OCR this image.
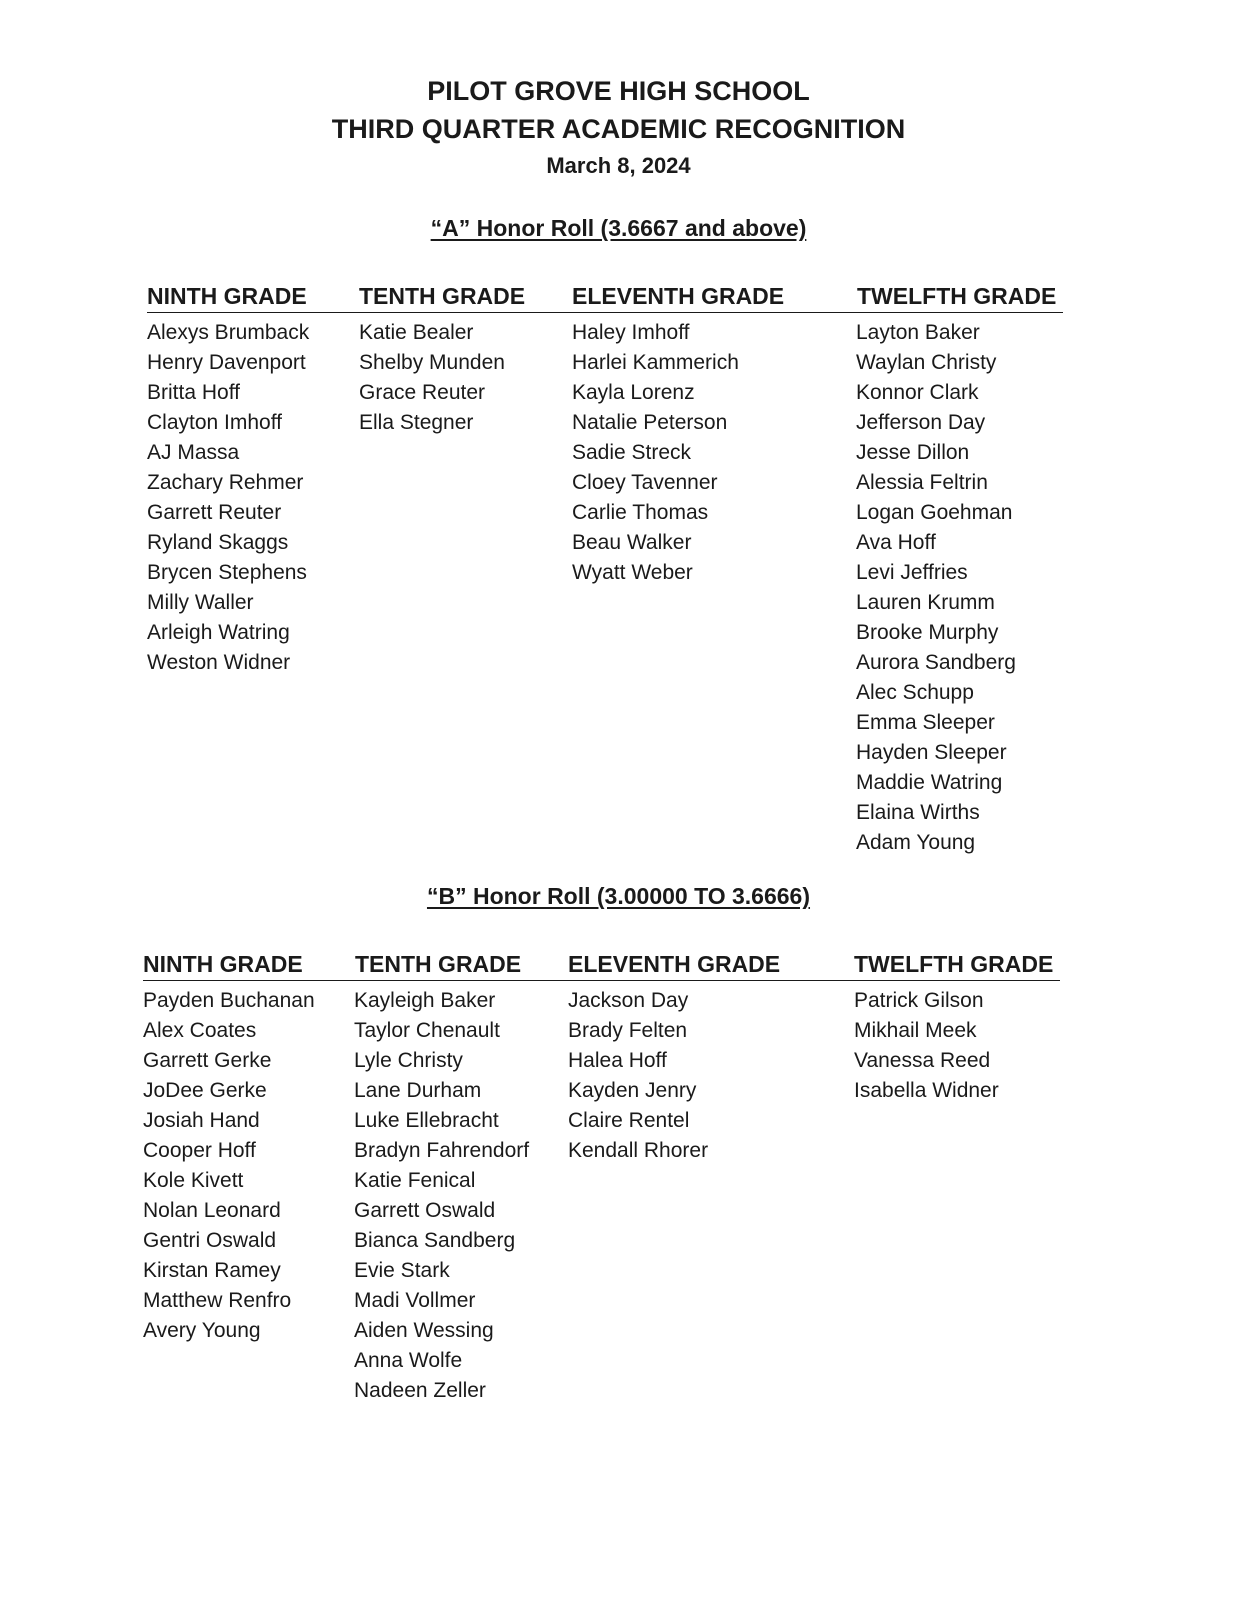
PILOT GROVE HIGH SCHOOL
THIRD QUARTER ACADEMIC RECOGNITION
March 8, 2024
“A” Honor Roll (3.6667 and above)
NINTH GRADE TENTH GRADE ELEVENTH GRADE	TWELFTH GRADE
Alexys Brumback
Henry Davenport
Britta Hoff
Clayton Imhoff
AJ Massa
Zachary Rehmer
Garrett Reuter
Ryland Skaggs
Brycen Stephens
Milly Waller
Arleigh Watring
Weston Widner
Katie Bealer
Shelby Munden
Grace Reuter
Ella Stegner
Haley Imhoff
Harlei Kammerich
Kayla Lorenz
Natalie Peterson
Sadie Streck
Cloey Tavenner
Carlie Thomas
Beau Walker
Wyatt Weber
Layton Baker
Waylan Christy
Konnor Clark
Jefferson Day
Jesse Dillon
Alessia Feltrin
Logan Goehman
Ava Hoff
Levi Jeffries
Lauren Krumm
Brooke Murphy
Aurora Sandberg
Alec Schupp
Emma Sleeper
Hayden Sleeper
Maddie Watring
Elaina Wirths
Adam Young
“B” Honor Roll (3.00000 TO 3.6666)
NINTH GRADE TENTH GRADE ELEVENTH GRADE	TWELFTH GRADE
Payden Buchanan
Alex Coates
Garrett Gerke
JoDee Gerke
Josiah Hand
Cooper Hoff
Kole Kivett
Nolan Leonard
Gentri Oswald
Kirstan Ramey
Matthew Renfro
Avery Young
Kayleigh Baker
Taylor Chenault
Lyle Christy
Lane Durham
Luke Ellebracht
Bradyn Fahrendorf
Katie Fenical
Garrett Oswald
Bianca Sandberg
Evie Stark
Madi Vollmer
Aiden Wessing
Anna Wolfe
Nadeen Zeller
Jackson Day
Brady Felten
Halea Hoff
Kayden Jenry
Claire Rentel
Kendall Rhorer
Patrick Gilson
Mikhail Meek
Vanessa Reed
Isabella Widner
